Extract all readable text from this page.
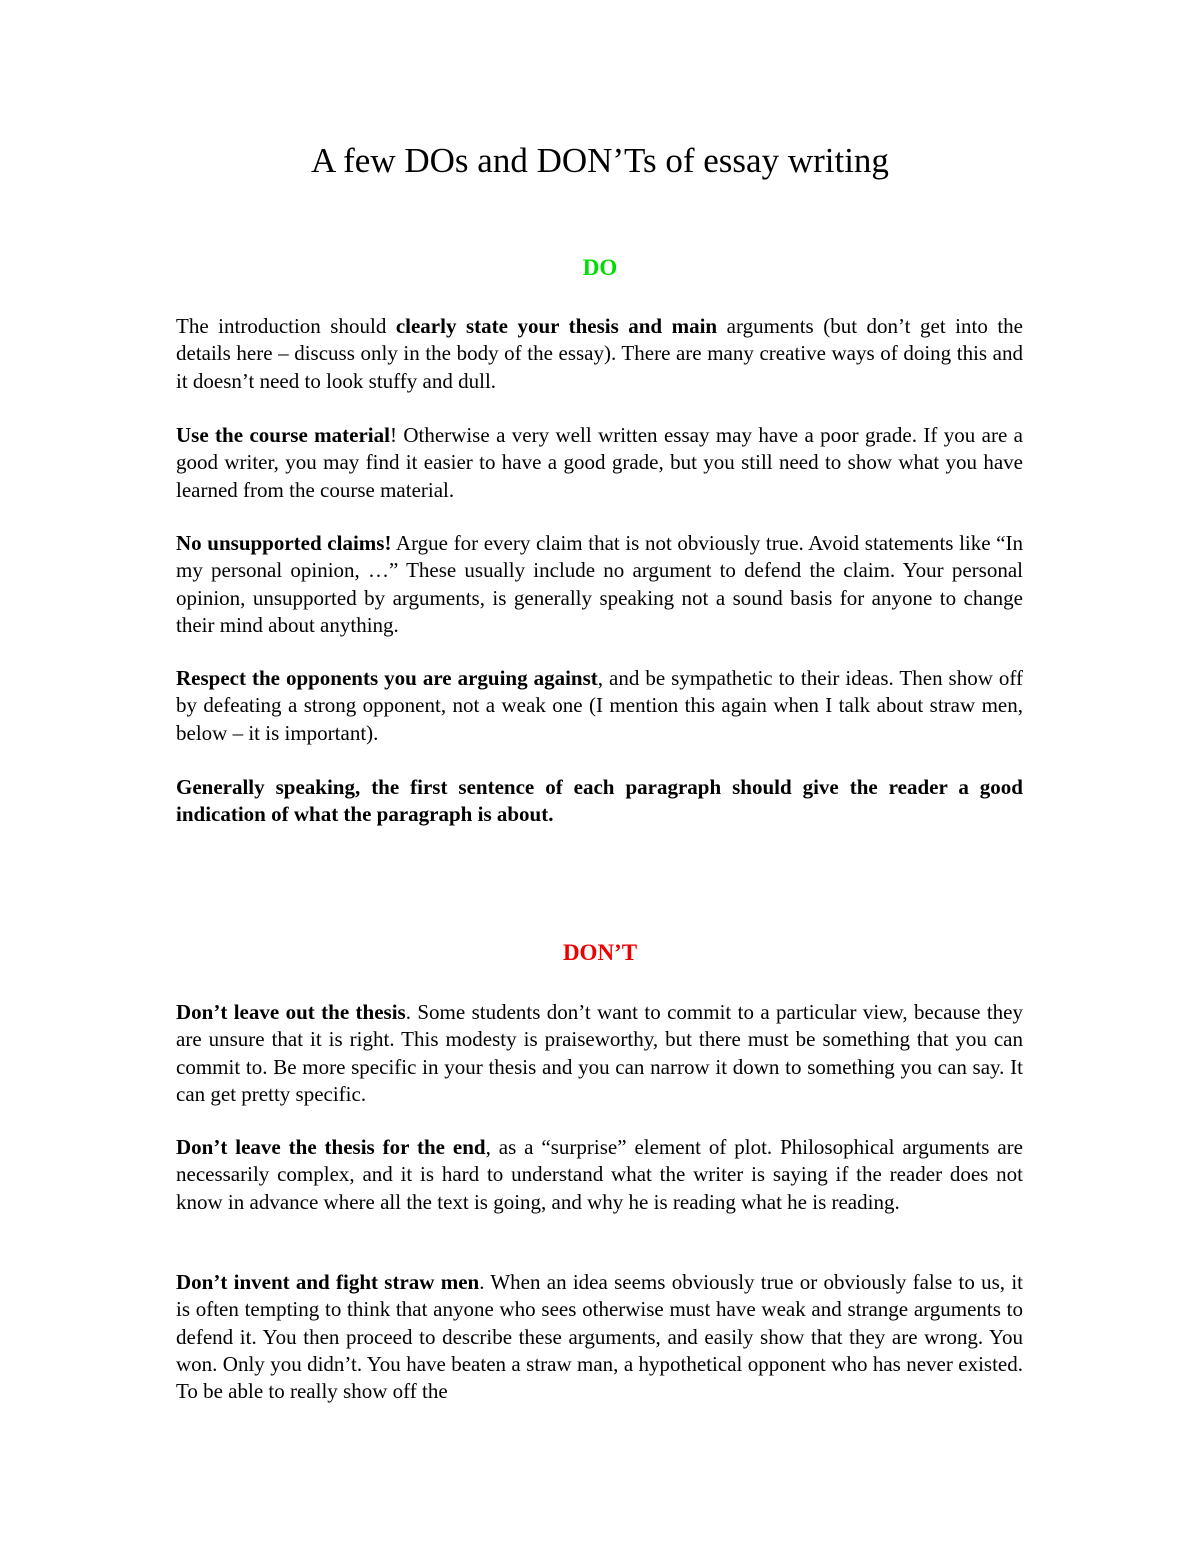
A few DOs and DON’Ts of essay writing
DO

The introduction should clearly state your thesis and main arguments (but don’t get into the details here – discuss only in the body of the essay). There are many creative ways of doing this and it doesn’t need to look stuffy and dull.

Use the course material! Otherwise a very well written essay may have a poor grade. If you are a good writer, you may find it easier to have a good grade, but you still need to show what you have learned from the course material.

No unsupported claims! Argue for every claim that is not obviously true. Avoid statements like “In my personal opinion, …” These usually include no argument to defend the claim. Your personal opinion, unsupported by arguments, is generally speaking not a sound basis for anyone to change their mind about anything.

Respect the opponents you are arguing against, and be sympathetic to their ideas. Then show off by defeating a strong opponent, not a weak one (I mention this again when I talk about straw men, below – it is important).

Generally speaking, the first sentence of each paragraph should give the reader a good indication of what the paragraph is about.

DON’T

Don’t leave out the thesis. Some students don’t want to commit to a particular view, because they are unsure that it is right. This modesty is praiseworthy, but there must be something that you can commit to. Be more specific in your thesis and you can narrow it down to something you can say. It can get pretty specific.

Don’t leave the thesis for the end, as a “surprise” element of plot. Philosophical arguments are necessarily complex, and it is hard to understand what the writer is saying if the reader does not know in advance where all the text is going, and why he is reading what he is reading.

Don’t invent and fight straw men. When an idea seems obviously true or obviously false to us, it is often tempting to think that anyone who sees otherwise must have weak and strange arguments to defend it. You then proceed to describe these arguments, and easily show that they are wrong. You won. Only you didn’t. You have beaten a straw man, a hypothetical opponent who has never existed. To be able to really show off the
